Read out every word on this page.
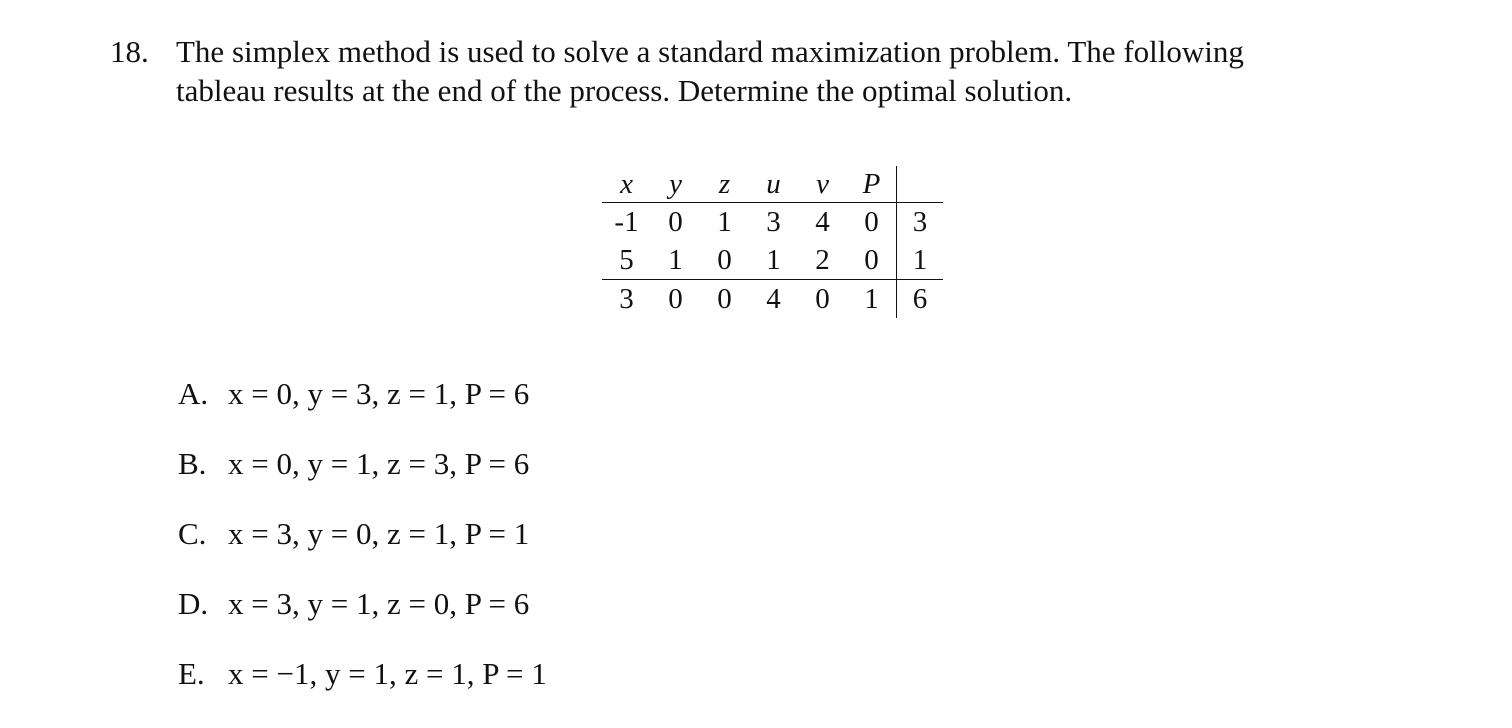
18. The simplex method is used to solve a standard maximization problem. The following
tableau results at the end of the process. Determine the optimal solution.
x	y	z	u	v	P	
-1	0	1	3	4	0	3
5	1	0	1	2	0	1
3	0	0	4	0	1	6
A. x = 0, y = 3, z = 1, P = 6
B. x = 0, y = 1, z = 3, P = 6
C. x = 3, y = 0, z = 1, P = 1
D. x = 3, y = 1, z = 0, P = 6
E. x = −1, y = 1, z = 1, P = 1
